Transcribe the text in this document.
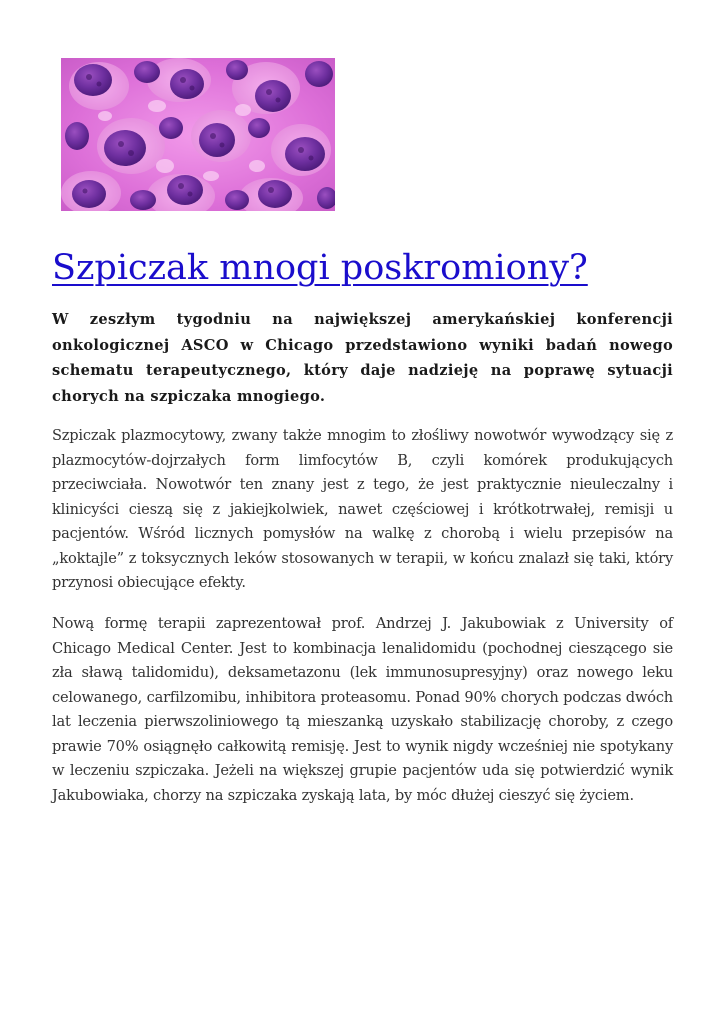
Szpiczak mnogi poskromiony?

W zeszłym tygodniu na największej amerykańskiej konferencji onkologicznej ASCO w Chicago przedstawiono wyniki badań nowego schematu terapeutycznego, który daje nadzieję na poprawę sytuacji chorych na szpiczaka mnogiego.

Szpiczak plazmocytowy, zwany także mnogim to złośliwy nowotwór wywodzący się z plazmocytów-dojrzałych form limfocytów B, czyli komórek produkujących przeciwciała. Nowotwór ten znany jest z tego, że jest praktycznie nieuleczalny i klinicyści cieszą się z jakiejkolwiek, nawet częściowej i krótkotrwałej, remisji u pacjentów. Wśród licznych pomysłów na walkę z chorobą i wielu przepisów na „koktajle” z toksycznych leków stosowanych w terapii, w końcu znalazł się taki, który przynosi obiecujące efekty.

Nową formę terapii zaprezentował prof. Andrzej J. Jakubowiak z University of Chicago Medical Center. Jest to kombinacja lenalidomidu (pochodnej cieszącego sie zła sławą talidomidu), deksametazonu (lek immunosupresyjny) oraz nowego leku celowanego, carfilzomibu, inhibitora proteasomu. Ponad 90% chorych podczas dwóch lat leczenia pierwszoliniowego tą mieszanką uzyskało stabilizację choroby, z czego prawie 70% osiągnęło całkowitą remisję. Jest to wynik nigdy wcześniej nie spotykany w leczeniu szpiczaka. Jeżeli na większej grupie pacjentów uda się potwierdzić wynik Jakubowiaka, chorzy na szpiczaka zyskają lata, by móc dłużej cieszyć się życiem.
